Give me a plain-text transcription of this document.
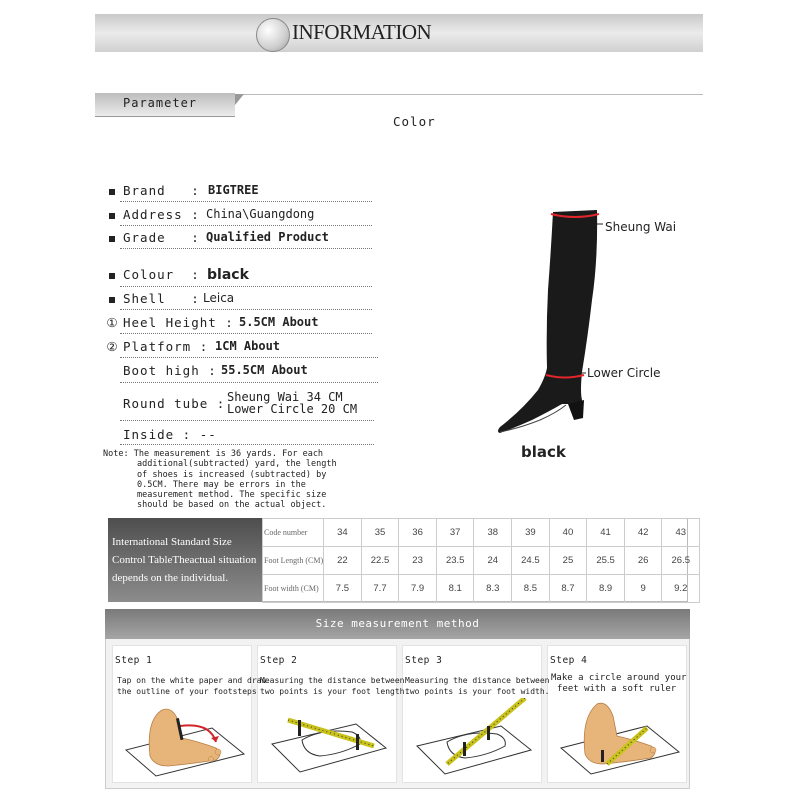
INFORMATION
Parameter
Color
Brand   : BIGTREE
Address : China\Guangdong
Grade   : Qualified Product
Colour  : black
Shell   : Leica
① Heel Height : 5.5CM About
② Platform : 1CM About
Boot high : 55.5CM About
Round tube : Sheung Wai 34 CM
Lower Circle 20 CM
Inside : --
Note: The measurement is 36 yards. For each
additional(subtracted) yard, the length
of shoes is increased (subtracted) by
0.5CM. There may be errors in the
measurement method. The specific size
should be based on the actual object.
Sheung Wai
Lower Circle
black
International Standard Size
Control TableTheactual situation
depends on the individual.
Code number	34	35	36	37	38	39	40	41	42	43
Foot Length (CM)	22	22.5	23	23.5	24	24.5	25	25.5	26	26.5
Foot width (CM)	7.5	7.7	7.9	8.1	8.3	8.5	8.7	8.9	9	9.2
Size measurement method
Step 1	Step 2	Step 3	Step 4
Tap on the white paper and draw
the outline of your footsteps
Measuring the distance between
two points is your foot length.
Measuring the distance between
two points is your foot width.
Make a circle around your
feet with a soft ruler
